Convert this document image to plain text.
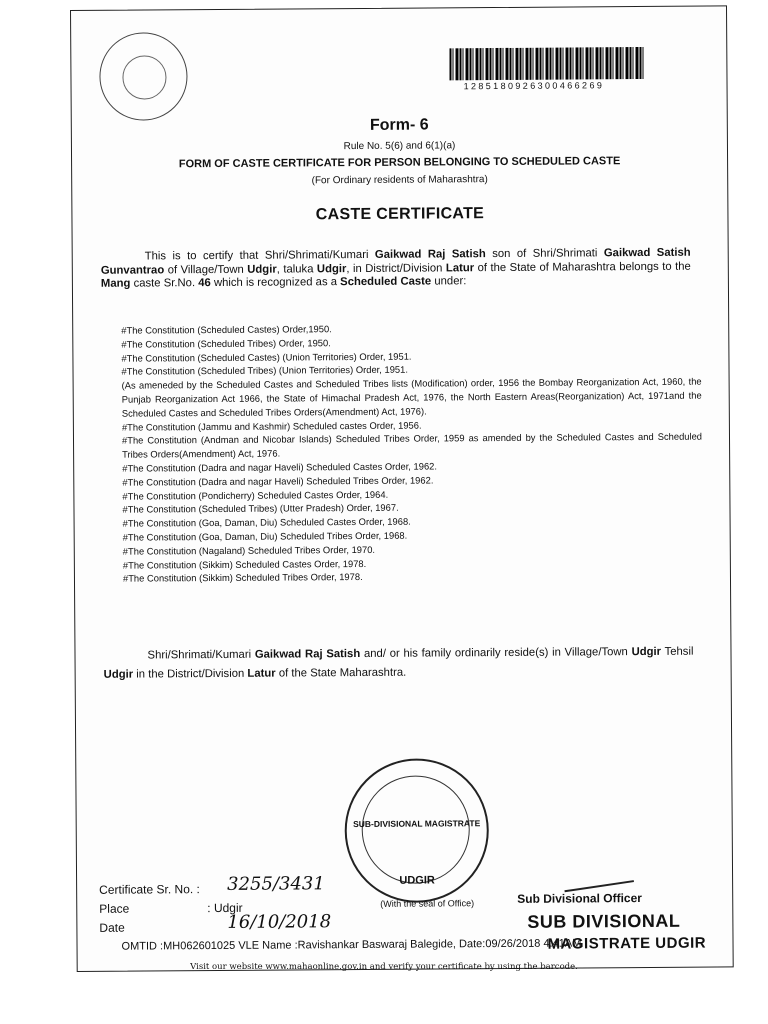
1285180926300466269
Form- 6
Rule No. 5(6) and 6(1)(a)
FORM OF CASTE CERTIFICATE FOR PERSON BELONGING TO SCHEDULED CASTE
(For Ordinary residents of Maharashtra)
CASTE CERTIFICATE
This is to certify that Shri/Shrimati/Kumari Gaikwad Raj Satish son of Shri/Shrimati Gaikwad Satish Gunvantrao of Village/Town Udgir, taluka Udgir, in District/Division Latur of the State of Maharashtra belongs to the Mang caste Sr.No. 46 which is recognized as a Scheduled Caste under:
#The Constitution (Scheduled Castes) Order,1950.
#The Constitution (Scheduled Tribes) Order, 1950.
#The Constitution (Scheduled Castes) (Union Territories) Order, 1951.
#The Constitution (Scheduled Tribes) (Union Territories) Order, 1951.

(As ameneded by the Scheduled Castes and Scheduled Tribes lists (Modification) order, 1956 the Bombay Reorganization Act, 1960, the Punjab Reorganization Act 1966, the State of Himachal Pradesh Act, 1976, the North Eastern Areas(Reorganization) Act, 1971and the Scheduled Castes and Scheduled Tribes Orders(Amendment) Act, 1976).

#The Constitution (Jammu and Kashmir) Scheduled castes Order, 1956.

#The Constitution (Andman and Nicobar Islands) Scheduled Tribes Order, 1959 as amended by the Scheduled Castes and Scheduled Tribes Orders(Amendment) Act, 1976.

#The Constitution (Dadra and nagar Haveli) Scheduled Castes Order, 1962.
#The Constitution (Dadra and nagar Haveli) Scheduled Tribes Order, 1962.
#The Constitution (Pondicherry) Scheduled Castes Order, 1964.
#The Constitution (Scheduled Tribes) (Utter Pradesh) Order, 1967.
#The Constitution (Goa, Daman, Diu) Scheduled Castes Order, 1968.
#The Constitution (Goa, Daman, Diu) Scheduled Tribes Order, 1968.
#The Constitution (Nagaland) Scheduled Tribes Order, 1970.
#The Constitution (Sikkim) Scheduled Castes Order, 1978.
#The Constitution (Sikkim) Scheduled Tribes Order, 1978.
Shri/Shrimati/Kumari Gaikwad Raj Satish and/ or his family ordinarily reside(s) in Village/Town Udgir Tehsil Udgir in the District/Division Latur of the State Maharashtra.
SUB-DIVISIONAL MAGISTRATE
UDGIR
Certificate Sr. No. : 3255/3431
Place	: Udgir
Date	16/10/2018
(With the seal of Office)	Sub Divisional Officer
SUB DIVISIONAL
OMTID :MH062601025 VLE Name :Ravishankar Baswaraj Balegide, Date:09/26/2018 4:41AM
MAGISTRATE UDGIR
Visit our website www.mahaonline.gov.in and verify your certificate by using the barcode.
